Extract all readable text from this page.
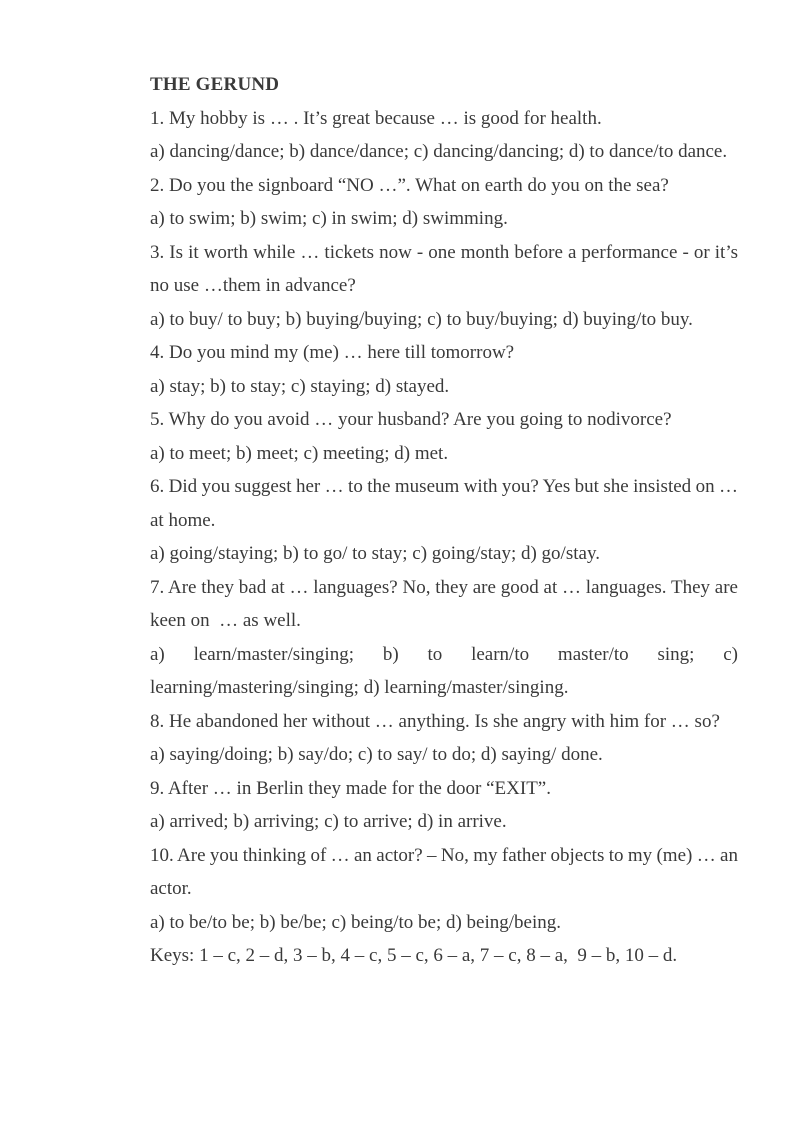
THE GERUND
1. My hobby is … . It’s great because … is good for health.
a) dancing/dance; b) dance/dance; c) dancing/dancing; d) to dance/to dance.
2. Do you the signboard “NO …”. What on earth do you on the sea?
a) to swim; b) swim; c) in swim; d) swimming.
3. Is it worth while … tickets now - one month before a performance - or it’s
no use …them in advance?
a) to buy/ to buy; b) buying/buying; c) to buy/buying; d) buying/to buy.
4. Do you mind my (me) … here till tomorrow?
a) stay; b) to stay; c) staying; d) stayed.
5. Why do you avoid … your husband? Are you going to nodivorce?
a) to meet; b) meet; c) meeting; d) met.
6. Did you suggest her … to the museum with you? Yes but she insisted on …
at home.
a) going/staying; b) to go/ to stay; c) going/stay; d) go/stay.
7. Are they bad at … languages? No, they are good at … languages. They are
keen on  … as well.
a) learn/master/singing; b) to learn/to master/to sing; c)
learning/mastering/singing; d) learning/master/singing.
8. He abandoned her without … anything. Is she angry with him for … so?
a) saying/doing; b) say/do; c) to say/ to do; d) saying/ done.
9. After … in Berlin they made for the door “EXIT”.
a) arrived; b) arriving; c) to arrive; d) in arrive.
10. Are you thinking of … an actor? – No, my father objects to my (me) … an
actor.
a) to be/to be; b) be/be; c) being/to be; d) being/being.
Keys: 1 – c, 2 – d, 3 – b, 4 – c, 5 – c, 6 – a, 7 – c, 8 – a,  9 – b, 10 – d.
